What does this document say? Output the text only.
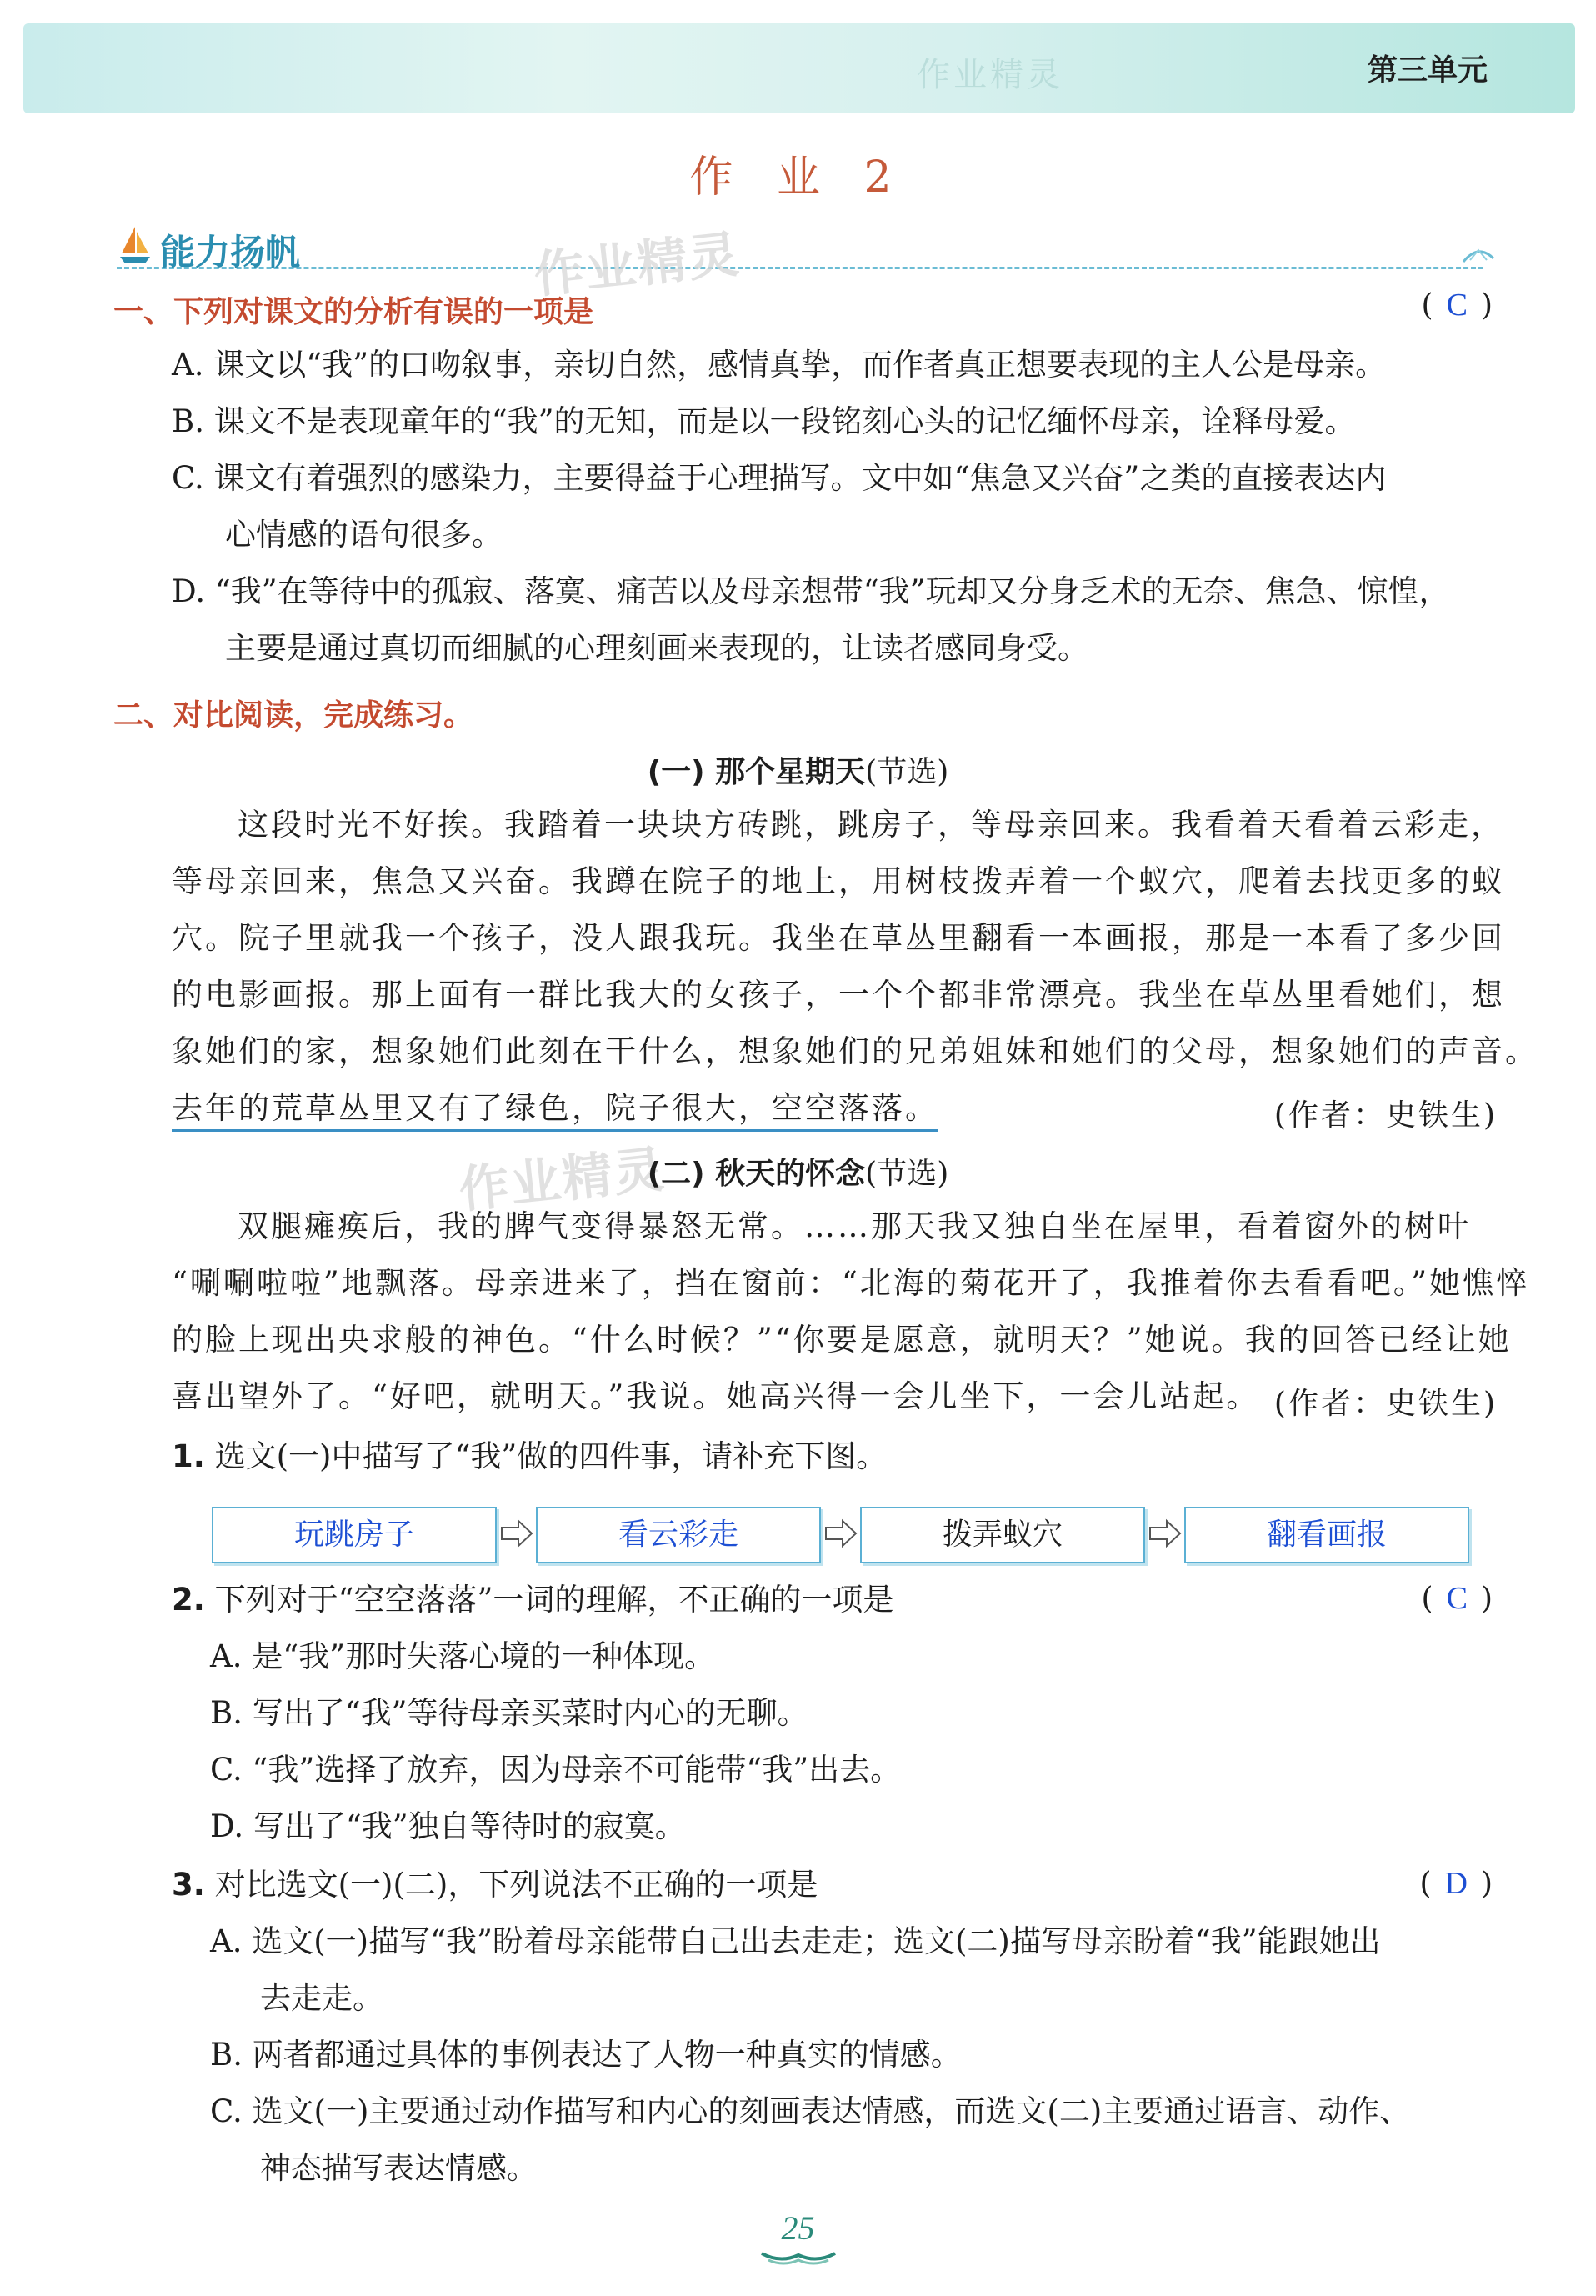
作业精灵	第三单元
作 业 2
能力扬帆	作业精灵
一、下列对课文的分析有误的一项是	( C )
A. 课文以“我”的口吻叙事，亲切自然，感情真挚，而作者真正想要表现的主人公是母亲。
B. 课文不是表现童年的“我”的无知，而是以一段铭刻心头的记忆缅怀母亲，诠释母爱。
C. 课文有着强烈的感染力，主要得益于心理描写。文中如“焦急又兴奋”之类的直接表达内
心情感的语句很多。
D. “我”在等待中的孤寂、落寞、痛苦以及母亲想带“我”玩却又分身乏术的无奈、焦急、惊惶，
主要是通过真切而细腻的心理刻画来表现的，让读者感同身受。
二、对比阅读，完成练习。
(一) 那个星期天(节选)
这段时光不好挨。我踏着一块块方砖跳，跳房子，等母亲回来。我看着天看着云彩走，
等母亲回来，焦急又兴奋。我蹲在院子的地上，用树枝拨弄着一个蚁穴，爬着去找更多的蚁
穴。院子里就我一个孩子，没人跟我玩。我坐在草丛里翻看一本画报，那是一本看了多少回
的电影画报。那上面有一群比我大的女孩子，一个个都非常漂亮。我坐在草丛里看她们，想
象她们的家，想象她们此刻在干什么，想象她们的兄弟姐妹和她们的父母，想象她们的声音。
去年的荒草丛里又有了绿色，院子很大，空空落落。	(作者：史铁生)
作业精灵
(二) 秋天的怀念(节选)
双腿瘫痪后，我的脾气变得暴怒无常。……那天我又独自坐在屋里，看着窗外的树叶
“唰唰啦啦”地飘落。母亲进来了，挡在窗前：“北海的菊花开了，我推着你去看看吧。”她憔悴
的脸上现出央求般的神色。“什么时候？”“你要是愿意，就明天？”她说。我的回答已经让她
喜出望外了。“好吧，就明天。”我说。她高兴得一会儿坐下，一会儿站起。 (作者：史铁生)
1. 选文(一)中描写了“我”做的四件事，请补充下图。
玩跳房子	看云彩走	拨弄蚁穴	翻看画报
2. 下列对于“空空落落”一词的理解，不正确的一项是	( C )
A. 是“我”那时失落心境的一种体现。
B. 写出了“我”等待母亲买菜时内心的无聊。
C. “我”选择了放弃，因为母亲不可能带“我”出去。
D. 写出了“我”独自等待时的寂寞。
3. 对比选文(一)(二)，下列说法不正确的一项是	( D )
A. 选文(一)描写“我”盼着母亲能带自己出去走走；选文(二)描写母亲盼着“我”能跟她出
去走走。
B. 两者都通过具体的事例表达了人物一种真实的情感。
C. 选文(一)主要通过动作描写和内心的刻画表达情感，而选文(二)主要通过语言、动作、
神态描写表达情感。
25
